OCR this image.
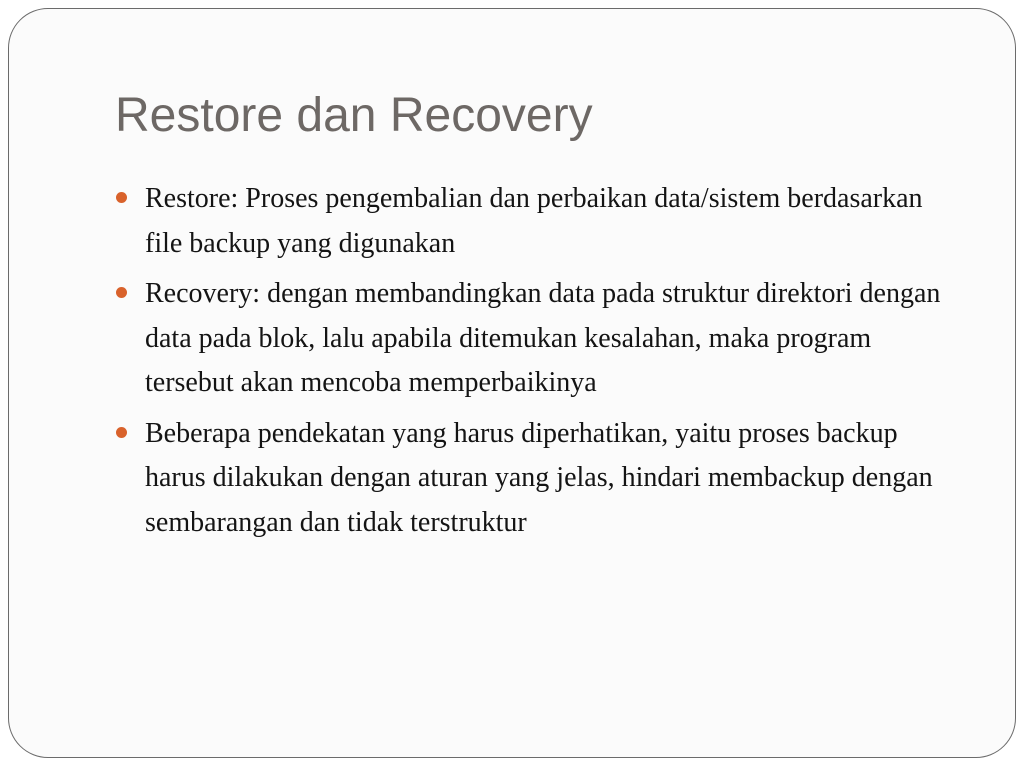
Restore dan Recovery
Restore: Proses pengembalian dan perbaikan data/sistem berdasarkan file backup yang digunakan
Recovery: dengan membandingkan data pada struktur direktori dengan data pada blok, lalu apabila ditemukan kesalahan, maka program tersebut akan mencoba memperbaikinya
Beberapa pendekatan yang harus diperhatikan, yaitu proses backup harus dilakukan dengan aturan yang jelas, hindari membackup dengan sembarangan dan tidak terstruktur
